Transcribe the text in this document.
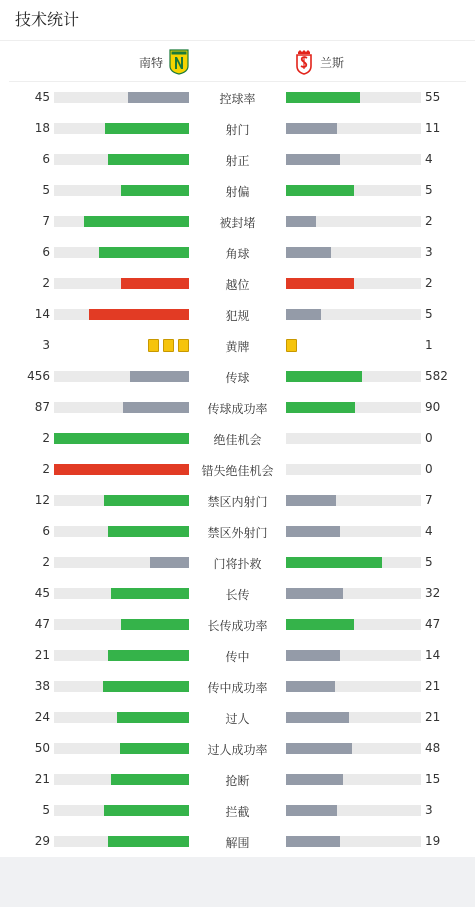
技术统计
南特	兰斯
45	控球率	55
18	射门	11
6	射正	4
5	射偏	5
7	被封堵	2
6	角球	3
2	越位	2
14	犯规	5
3	黄牌	1
456	传球	582
87	传球成功率	90
2	绝佳机会	0
2	错失绝佳机会	0
12	禁区内射门	7
6	禁区外射门	4
2	门将扑救	5
45	长传	32
47	长传成功率	47
21	传中	14
38	传中成功率	21
24	过人	21
50	过人成功率	48
21	抢断	15
5	拦截	3
29	解围	19
